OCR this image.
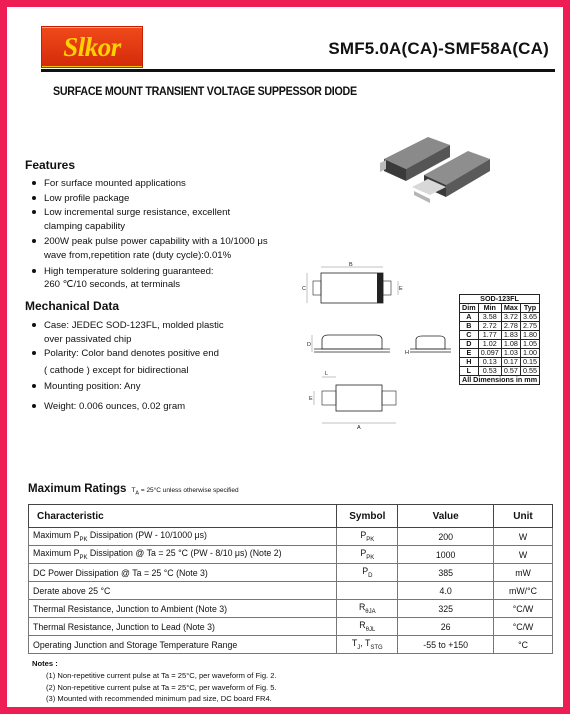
Slkor	SMF5.0A(CA)-SMF58A(CA)
SURFACE MOUNT TRANSIENT VOLTAGE SUPPESSOR DIODE
Features
For surface mounted applications
Low profile package
Low incremental surge resistance, excellent
clamping capability
200W peak pulse power capability with a 10/1000 μs
wave from,repetition rate (duty cycle):0.01%
High temperature soldering guaranteed:
260 ℃/10 seconds, at terminals
Mechanical Data
Case: JEDEC SOD-123FL, molded plastic
over passivated chip
Polarity: Color band denotes positive end
( cathode ) except for bidirectional
Mounting position: Any
Weight: 0.006 ounces, 0.02 gram
B
C	E
D
H
L
E
A
SOD-123FL			
Dim	Min	Max	Typ
A	3.58	3.72	3.65
B	2.72	2.78	2.75
C	1.77	1.83	1.80
D	1.02	1.08	1.05
E	0.097	1.03	1.00
H	0.13	0.17	0.15
L	0.53	0.57	0.55
All Dimensions in mm			
Maximum Ratings $T_A = 25^\circ C$ unless otherwise specified
Characteristic	Symbol	Value	Unit
Maximum $P_{PK}$ Dissipation (PW - 10/1000 μs)	$P_{PK}$	200	W
Maximum $P_{PK}$ Dissipation @ Ta = 25 °C (PW - 8/10 μs) (Note 2)	$P_{PK}$	1000	W
DC Power Dissipation @ Ta = 25 °C (Note 3)	$P_D$	385	mW
Derate above 25 °C		4.0	mW/°C
Thermal Resistance, Junction to Ambient (Note 3)	$R_{\theta JA}$	325	°C/W
Thermal Resistance, Junction to Lead (Note 3)	$R_{\theta JL}$	26	°C/W
Operating Junction and Storage Temperature Range	$T_J$, $T_{STG}$	-55 to +150	°C
Notes :
(1) Non-repetitive current pulse at Ta = 25°C, per waveform of Fig. 2.
(2) Non-repetitive current pulse at Ta = 25°C, per waveform of Fig. 5.
(3) Mounted with recommended minimum pad size, DC board FR4.
